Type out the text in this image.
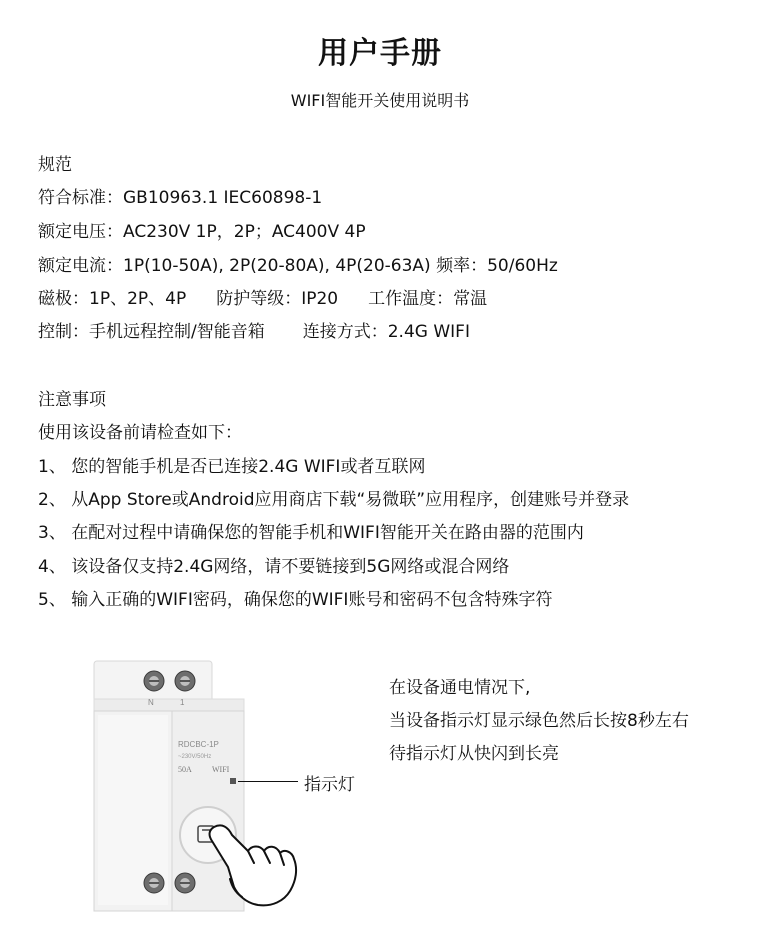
用户手册
WIFI智能开关使用说明书
规范
符合标准：GB10963.1 IEC60898-1
额定电压：AC230V 1P，2P；AC400V 4P
额定电流：1P(10-50A), 2P(20-80A), 4P(20-63A) 频率：50/60Hz
磁极：1P、2P、4P 防护等级：IP20 工作温度：常温
控制：手机远程控制/智能音箱 连接方式：2.4G WIFI
注意事项
使用该设备前请检查如下：
1、 您的智能手机是否已连接2.4G WIFI或者互联网
2、 从App Store或Android应用商店下载“易微联”应用程序，创建账号并登录
3、 在配对过程中请确保您的智能手机和WIFI智能开关在路由器的范围内
4、 该设备仅支持2.4G网络，请不要链接到5G网络或混合网络
5、 输入正确的WIFI密码，确保您的WIFI账号和密码不包含特殊字符
N	1
RDCBC-1P
~230V/50Hz
50A	WIFI
指示灯
在设备通电情况下,
当设备指示灯显示绿色然后长按8秒左右
待指示灯从快闪到长亮
